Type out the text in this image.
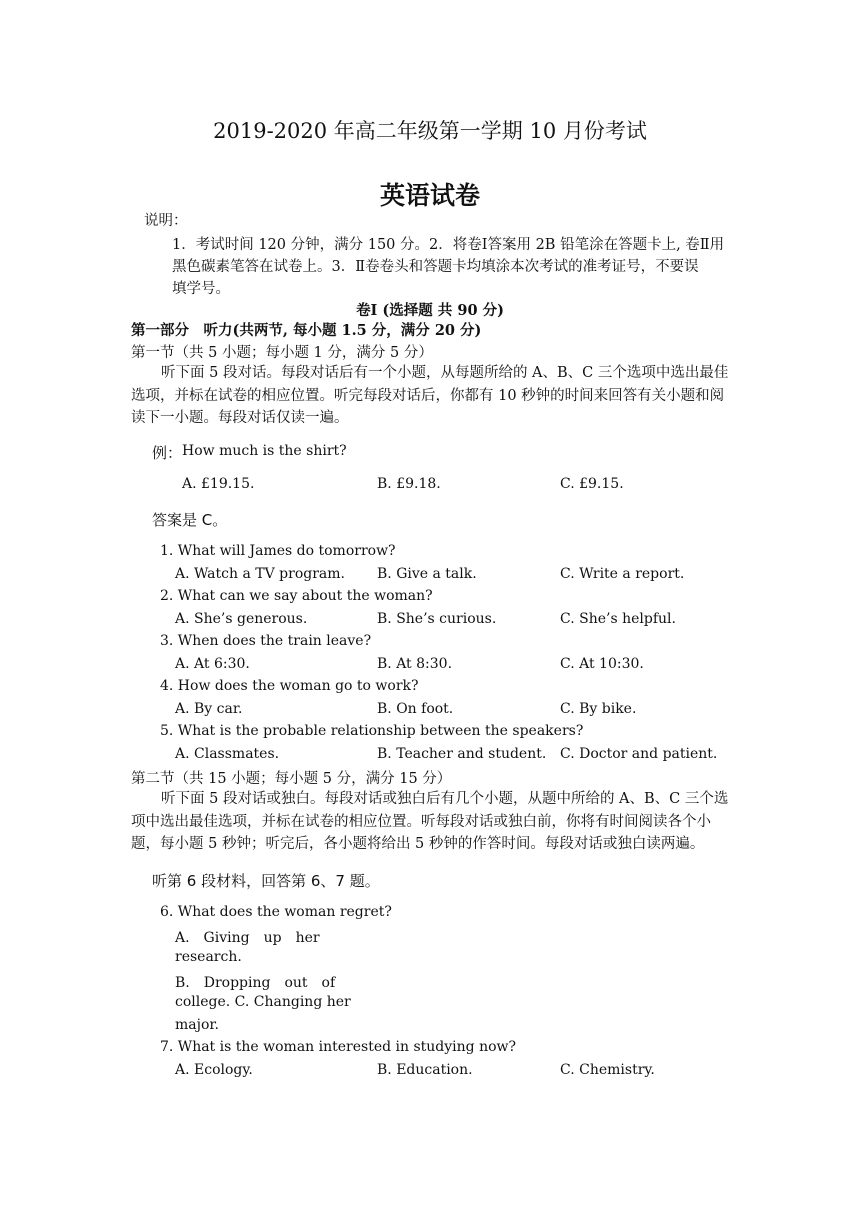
2019-2020 年高二年级第一学期 10 月份考试
英语试卷
说明：
1．考试时间 120 分钟，满分 150 分。2．将卷Ⅰ答案用 2B 铅笔涂在答题卡上, 卷Ⅱ用
黑色碳素笔答在试卷上。3．Ⅱ卷卷头和答题卡均填涂本次考试的准考证号，不要误
填学号。
卷Ⅰ (选择题 共 90 分)
第一部分　听力(共两节, 每小题 1.5 分，满分 20 分)
第一节（共 5 小题；每小题 1 分，满分 5 分）
听下面 5 段对话。每段对话后有一个小题，从每题所给的 A、B、C 三个选项中选出最佳选项，并标在试卷的相应位置。听完每段对话后，你都有 10 秒钟的时间来回答有关小题和阅读下一小题。每段对话仅读一遍。
例： How much is the shirt?
A. £19.15.	B. £9.18.	C. £9.15.
答案是 C。
1. What will James do tomorrow?
A. Watch a TV program. B. Give a talk.	C. Write a report.
2. What can we say about the woman?
A. She’s generous.	B. She’s curious.	C. She’s helpful.
3. When does the train leave?
A. At 6:30.	B. At 8:30.	C. At 10:30.
4. How does the woman go to work?
A. By car.	B. On foot.	C. By bike.
5. What is the probable relationship between the speakers?
A. Classmates.	B. Teacher and student. C. Doctor and patient.
第二节（共 15 小题；每小题 5 分，满分 15 分）
听下面 5 段对话或独白。每段对话或独白后有几个小题，从题中所给的 A、B、C 三个选项中选出最佳选项，并标在试卷的相应位置。听每段对话或独白前，你将有时间阅读各个小题，每小题 5 秒钟；听完后，各小题将给出 5 秒钟的作答时间。每段对话或独白读两遍。
听第 6 段材料，回答第 6、7 题。
6. What does the woman regret?
A.　Giving　up　her
research.
B.　Dropping　out　of
college. C. Changing her
major.
7. What is the woman interested in studying now?
A. Ecology.	B. Education.	C. Chemistry.
